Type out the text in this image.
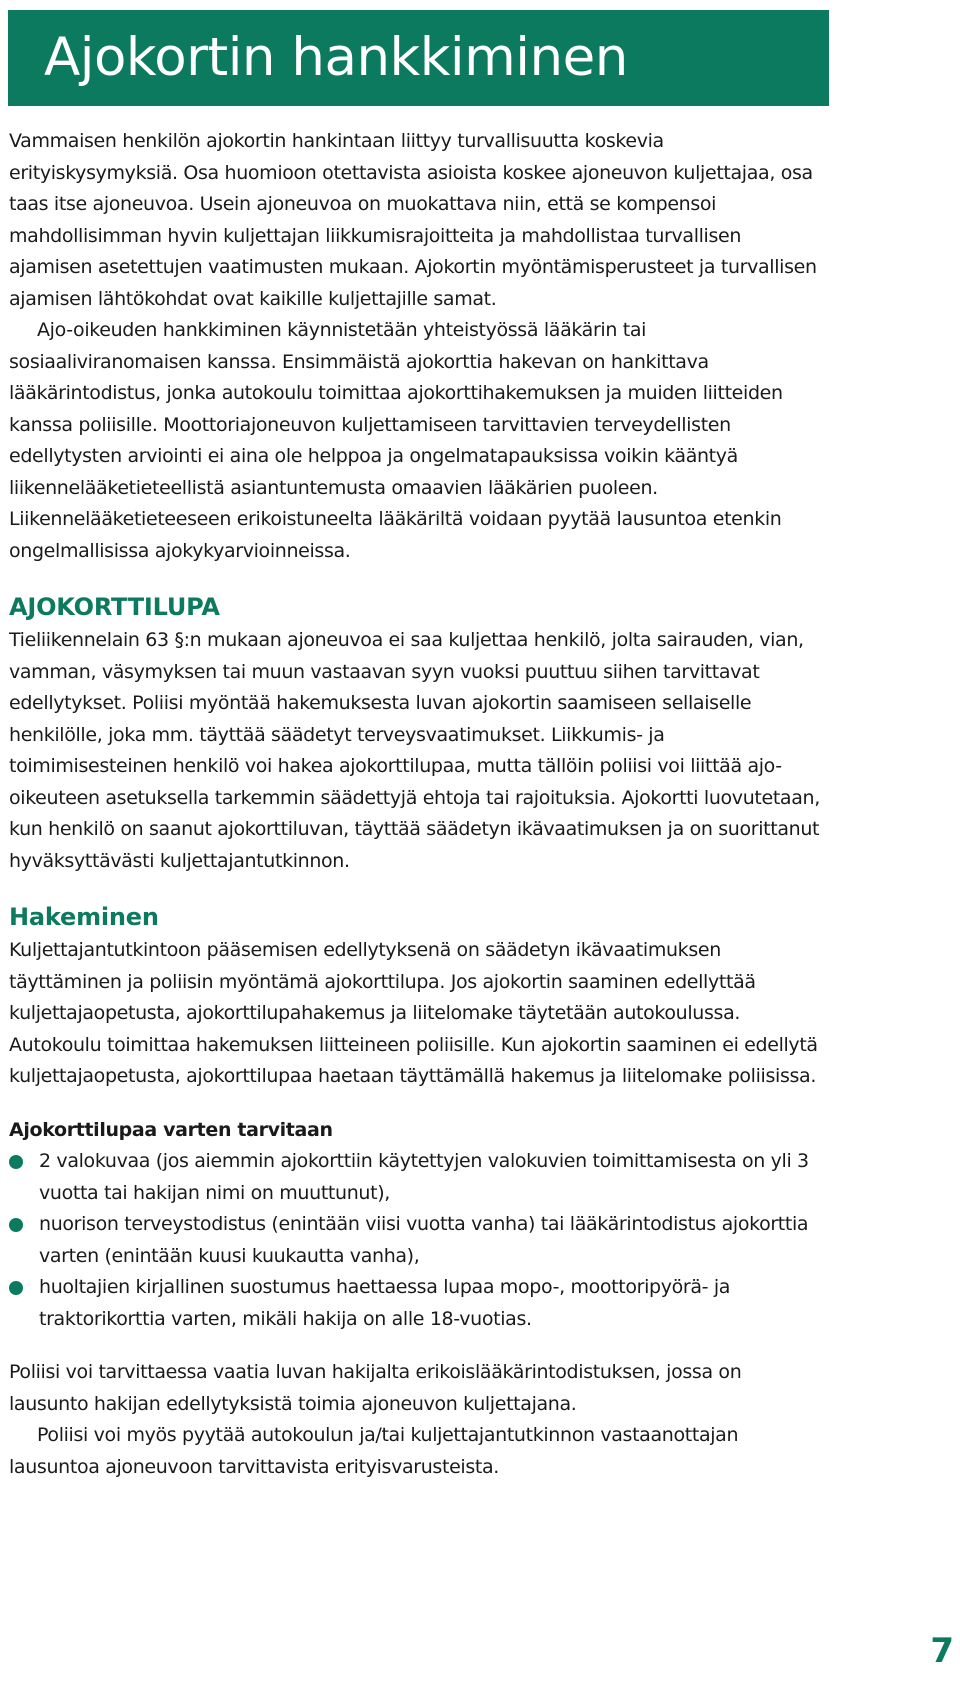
Ajokortin hankkiminen

Vammaisen henkilön ajokortin hankintaan liittyy turvallisuutta koskevia erityiskysymyksiä. Osa huomioon otettavista asioista koskee ajoneuvon kuljettajaa, osa taas itse ajoneuvoa. Usein ajoneuvoa on muokattava niin, että se kompensoi mahdollisimman hyvin kuljettajan liikkumisrajoitteita ja mahdollistaa turvallisen ajamisen asetettujen vaatimusten mukaan. Ajokortin myöntämisperusteet ja turvallisen ajamisen lähtökohdat ovat kaikille kuljettajille samat.

Ajo-oikeuden hankkiminen käynnistetään yhteistyössä lääkärin tai sosiaaliviranomaisen kanssa. Ensimmäistä ajokorttia hakevan on hankittava lääkärintodistus, jonka autokoulu toimittaa ajokorttihakemuksen ja muiden liitteiden kanssa poliisille. Moottoriajoneuvon kuljettamiseen tarvittavien terveydellisten edellytysten arviointi ei aina ole helppoa ja ongelmatapauksissa voikin kääntyä liikennelääketieteellistä asiantuntemusta omaavien lääkärien puoleen. Liikennelääketieteeseen erikoistuneelta lääkäriltä voidaan pyytää lausuntoa etenkin ongelmallisissa ajokykyarvioinneissa.

AJOKORTTILUPA

Tieliikennelain 63 §:n mukaan ajoneuvoa ei saa kuljettaa henkilö, jolta sairauden, vian, vamman, väsymyksen tai muun vastaavan syyn vuoksi puuttuu siihen tarvittavat edellytykset. Poliisi myöntää hakemuksesta luvan ajokortin saamiseen sellaiselle henkilölle, joka mm. täyttää säädetyt terveysvaatimukset. Liikkumis- ja toimimisesteinen henkilö voi hakea ajokorttilupaa, mutta tällöin poliisi voi liittää ajo-oikeuteen asetuksella tarkemmin säädettyjä ehtoja tai rajoituksia. Ajokortti luovutetaan, kun henkilö on saanut ajokorttiluvan, täyttää säädetyn ikävaatimuksen ja on suorittanut hyväksyttävästi kuljettajantutkinnon.

Hakeminen

Kuljettajantutkintoon pääsemisen edellytyksenä on säädetyn ikävaatimuksen täyttäminen ja poliisin myöntämä ajokorttilupa. Jos ajokortin saaminen edellyttää kuljettajaopetusta, ajokorttilupahakemus ja liitelomake täytetään autokoulussa. Autokoulu toimittaa hakemuksen liitteineen poliisille. Kun ajokortin saaminen ei edellytä kuljettajaopetusta, ajokorttilupaa haetaan täyttämällä hakemus ja liitelomake poliisissa.

Ajokorttilupaa varten tarvitaan
2 valokuvaa (jos aiemmin ajokorttiin käytettyjen valokuvien toimittamisesta on yli 3 vuotta tai hakijan nimi on muuttunut),
nuorison terveystodistus (enintään viisi vuotta vanha) tai lääkärintodistus ajokorttia varten (enintään kuusi kuukautta vanha),
huoltajien kirjallinen suostumus haettaessa lupaa mopo-, moottoripyörä- ja traktorikorttia varten, mikäli hakija on alle 18-vuotias.

Poliisi voi tarvittaessa vaatia luvan hakijalta erikoislääkärintodistuksen, jossa on lausunto hakijan edellytyksistä toimia ajoneuvon kuljettajana.

Poliisi voi myös pyytää autokoulun ja/tai kuljettajantutkinnon vastaanottajan lausuntoa ajoneuvoon tarvittavista erityisvarusteista.

7
